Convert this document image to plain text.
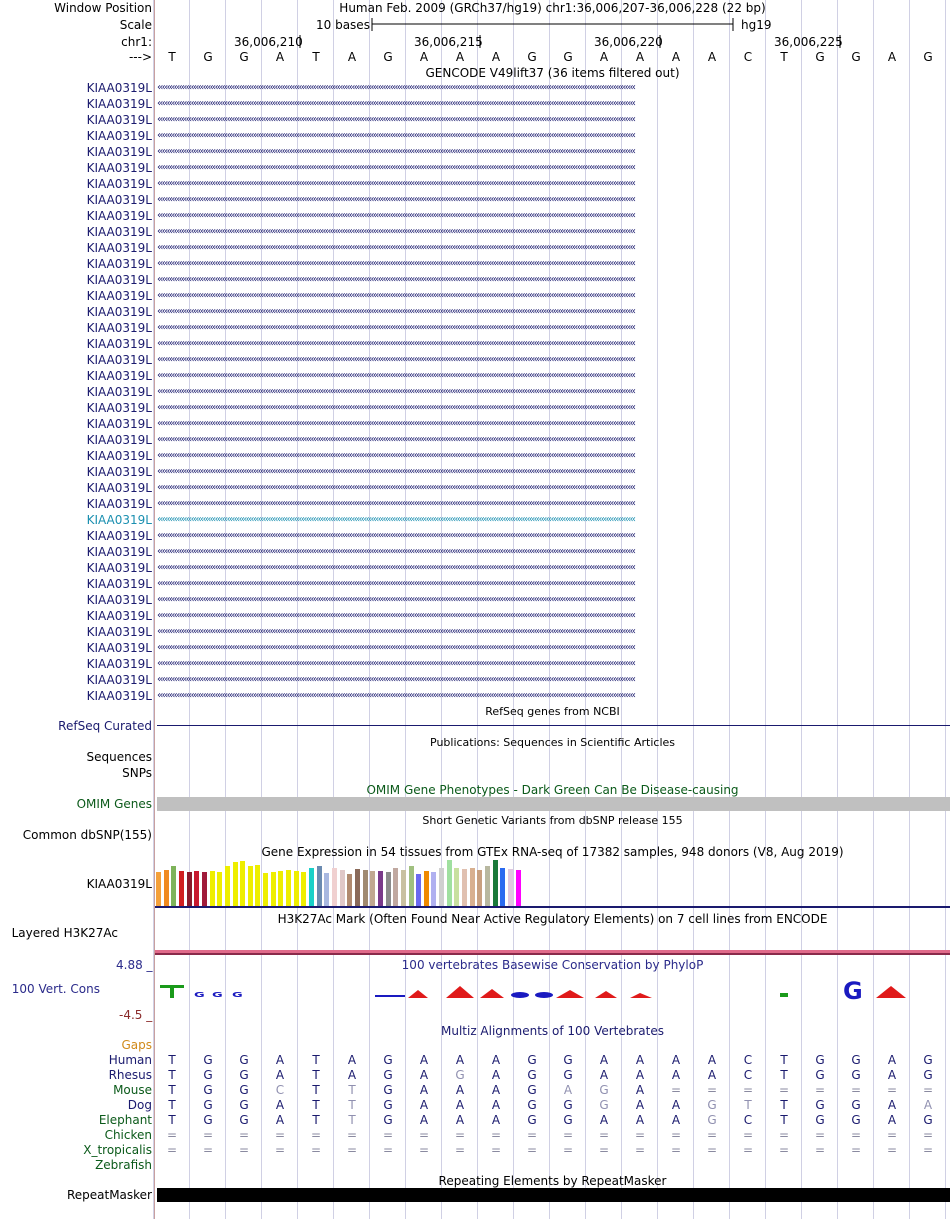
Window Position	Human Feb. 2009 (GRCh37/hg19) chr1:36,006,207-36,006,228 (22 bp)
Scale	10 bases	hg19
chr1:	36,006,210	36,006,215	36,006,220	36,006,225
--->	T	G	G	A	T	A	G	A	A	A	G	G	A	A	A	A	C	T	G	G	A	G
GENCODE V49lift37 (36 items filtered out)
KIAA0319L ‹‹‹‹‹‹‹‹‹‹‹‹‹‹‹‹‹‹‹‹‹‹‹‹‹‹‹‹‹‹‹‹‹‹‹‹‹‹‹‹‹‹‹‹‹‹‹‹‹‹‹‹‹‹‹‹‹‹‹‹‹‹‹‹‹‹‹‹‹‹‹‹‹‹‹‹‹‹‹‹‹‹‹‹‹‹‹‹‹‹‹‹‹‹‹‹‹‹‹‹‹‹‹‹‹‹‹‹‹‹‹‹‹‹‹‹‹‹‹‹‹‹‹‹‹‹‹‹‹‹‹‹‹‹‹‹‹‹‹‹‹‹‹‹‹‹‹‹‹‹‹‹‹‹‹‹‹‹‹‹‹‹‹‹‹‹‹‹‹‹‹‹‹‹‹‹‹‹‹‹‹‹‹‹‹‹‹‹‹‹‹‹‹‹‹‹‹‹‹
KIAA0319L ‹‹‹‹‹‹‹‹‹‹‹‹‹‹‹‹‹‹‹‹‹‹‹‹‹‹‹‹‹‹‹‹‹‹‹‹‹‹‹‹‹‹‹‹‹‹‹‹‹‹‹‹‹‹‹‹‹‹‹‹‹‹‹‹‹‹‹‹‹‹‹‹‹‹‹‹‹‹‹‹‹‹‹‹‹‹‹‹‹‹‹‹‹‹‹‹‹‹‹‹‹‹‹‹‹‹‹‹‹‹‹‹‹‹‹‹‹‹‹‹‹‹‹‹‹‹‹‹‹‹‹‹‹‹‹‹‹‹‹‹‹‹‹‹‹‹‹‹‹‹‹‹‹‹‹‹‹‹‹‹‹‹‹‹‹‹‹‹‹‹‹‹‹‹‹‹‹‹‹‹‹‹‹‹‹‹‹‹‹‹‹‹‹‹‹‹‹‹‹
KIAA0319L ‹‹‹‹‹‹‹‹‹‹‹‹‹‹‹‹‹‹‹‹‹‹‹‹‹‹‹‹‹‹‹‹‹‹‹‹‹‹‹‹‹‹‹‹‹‹‹‹‹‹‹‹‹‹‹‹‹‹‹‹‹‹‹‹‹‹‹‹‹‹‹‹‹‹‹‹‹‹‹‹‹‹‹‹‹‹‹‹‹‹‹‹‹‹‹‹‹‹‹‹‹‹‹‹‹‹‹‹‹‹‹‹‹‹‹‹‹‹‹‹‹‹‹‹‹‹‹‹‹‹‹‹‹‹‹‹‹‹‹‹‹‹‹‹‹‹‹‹‹‹‹‹‹‹‹‹‹‹‹‹‹‹‹‹‹‹‹‹‹‹‹‹‹‹‹‹‹‹‹‹‹‹‹‹‹‹‹‹‹‹‹‹‹‹‹‹‹‹‹
KIAA0319L ‹‹‹‹‹‹‹‹‹‹‹‹‹‹‹‹‹‹‹‹‹‹‹‹‹‹‹‹‹‹‹‹‹‹‹‹‹‹‹‹‹‹‹‹‹‹‹‹‹‹‹‹‹‹‹‹‹‹‹‹‹‹‹‹‹‹‹‹‹‹‹‹‹‹‹‹‹‹‹‹‹‹‹‹‹‹‹‹‹‹‹‹‹‹‹‹‹‹‹‹‹‹‹‹‹‹‹‹‹‹‹‹‹‹‹‹‹‹‹‹‹‹‹‹‹‹‹‹‹‹‹‹‹‹‹‹‹‹‹‹‹‹‹‹‹‹‹‹‹‹‹‹‹‹‹‹‹‹‹‹‹‹‹‹‹‹‹‹‹‹‹‹‹‹‹‹‹‹‹‹‹‹‹‹‹‹‹‹‹‹‹‹‹‹‹‹‹‹‹
KIAA0319L ‹‹‹‹‹‹‹‹‹‹‹‹‹‹‹‹‹‹‹‹‹‹‹‹‹‹‹‹‹‹‹‹‹‹‹‹‹‹‹‹‹‹‹‹‹‹‹‹‹‹‹‹‹‹‹‹‹‹‹‹‹‹‹‹‹‹‹‹‹‹‹‹‹‹‹‹‹‹‹‹‹‹‹‹‹‹‹‹‹‹‹‹‹‹‹‹‹‹‹‹‹‹‹‹‹‹‹‹‹‹‹‹‹‹‹‹‹‹‹‹‹‹‹‹‹‹‹‹‹‹‹‹‹‹‹‹‹‹‹‹‹‹‹‹‹‹‹‹‹‹‹‹‹‹‹‹‹‹‹‹‹‹‹‹‹‹‹‹‹‹‹‹‹‹‹‹‹‹‹‹‹‹‹‹‹‹‹‹‹‹‹‹‹‹‹‹‹‹‹
KIAA0319L ‹‹‹‹‹‹‹‹‹‹‹‹‹‹‹‹‹‹‹‹‹‹‹‹‹‹‹‹‹‹‹‹‹‹‹‹‹‹‹‹‹‹‹‹‹‹‹‹‹‹‹‹‹‹‹‹‹‹‹‹‹‹‹‹‹‹‹‹‹‹‹‹‹‹‹‹‹‹‹‹‹‹‹‹‹‹‹‹‹‹‹‹‹‹‹‹‹‹‹‹‹‹‹‹‹‹‹‹‹‹‹‹‹‹‹‹‹‹‹‹‹‹‹‹‹‹‹‹‹‹‹‹‹‹‹‹‹‹‹‹‹‹‹‹‹‹‹‹‹‹‹‹‹‹‹‹‹‹‹‹‹‹‹‹‹‹‹‹‹‹‹‹‹‹‹‹‹‹‹‹‹‹‹‹‹‹‹‹‹‹‹‹‹‹‹‹‹‹‹
KIAA0319L ‹‹‹‹‹‹‹‹‹‹‹‹‹‹‹‹‹‹‹‹‹‹‹‹‹‹‹‹‹‹‹‹‹‹‹‹‹‹‹‹‹‹‹‹‹‹‹‹‹‹‹‹‹‹‹‹‹‹‹‹‹‹‹‹‹‹‹‹‹‹‹‹‹‹‹‹‹‹‹‹‹‹‹‹‹‹‹‹‹‹‹‹‹‹‹‹‹‹‹‹‹‹‹‹‹‹‹‹‹‹‹‹‹‹‹‹‹‹‹‹‹‹‹‹‹‹‹‹‹‹‹‹‹‹‹‹‹‹‹‹‹‹‹‹‹‹‹‹‹‹‹‹‹‹‹‹‹‹‹‹‹‹‹‹‹‹‹‹‹‹‹‹‹‹‹‹‹‹‹‹‹‹‹‹‹‹‹‹‹‹‹‹‹‹‹‹‹‹‹
KIAA0319L ‹‹‹‹‹‹‹‹‹‹‹‹‹‹‹‹‹‹‹‹‹‹‹‹‹‹‹‹‹‹‹‹‹‹‹‹‹‹‹‹‹‹‹‹‹‹‹‹‹‹‹‹‹‹‹‹‹‹‹‹‹‹‹‹‹‹‹‹‹‹‹‹‹‹‹‹‹‹‹‹‹‹‹‹‹‹‹‹‹‹‹‹‹‹‹‹‹‹‹‹‹‹‹‹‹‹‹‹‹‹‹‹‹‹‹‹‹‹‹‹‹‹‹‹‹‹‹‹‹‹‹‹‹‹‹‹‹‹‹‹‹‹‹‹‹‹‹‹‹‹‹‹‹‹‹‹‹‹‹‹‹‹‹‹‹‹‹‹‹‹‹‹‹‹‹‹‹‹‹‹‹‹‹‹‹‹‹‹‹‹‹‹‹‹‹‹‹‹‹
KIAA0319L ‹‹‹‹‹‹‹‹‹‹‹‹‹‹‹‹‹‹‹‹‹‹‹‹‹‹‹‹‹‹‹‹‹‹‹‹‹‹‹‹‹‹‹‹‹‹‹‹‹‹‹‹‹‹‹‹‹‹‹‹‹‹‹‹‹‹‹‹‹‹‹‹‹‹‹‹‹‹‹‹‹‹‹‹‹‹‹‹‹‹‹‹‹‹‹‹‹‹‹‹‹‹‹‹‹‹‹‹‹‹‹‹‹‹‹‹‹‹‹‹‹‹‹‹‹‹‹‹‹‹‹‹‹‹‹‹‹‹‹‹‹‹‹‹‹‹‹‹‹‹‹‹‹‹‹‹‹‹‹‹‹‹‹‹‹‹‹‹‹‹‹‹‹‹‹‹‹‹‹‹‹‹‹‹‹‹‹‹‹‹‹‹‹‹‹‹‹‹‹
KIAA0319L ‹‹‹‹‹‹‹‹‹‹‹‹‹‹‹‹‹‹‹‹‹‹‹‹‹‹‹‹‹‹‹‹‹‹‹‹‹‹‹‹‹‹‹‹‹‹‹‹‹‹‹‹‹‹‹‹‹‹‹‹‹‹‹‹‹‹‹‹‹‹‹‹‹‹‹‹‹‹‹‹‹‹‹‹‹‹‹‹‹‹‹‹‹‹‹‹‹‹‹‹‹‹‹‹‹‹‹‹‹‹‹‹‹‹‹‹‹‹‹‹‹‹‹‹‹‹‹‹‹‹‹‹‹‹‹‹‹‹‹‹‹‹‹‹‹‹‹‹‹‹‹‹‹‹‹‹‹‹‹‹‹‹‹‹‹‹‹‹‹‹‹‹‹‹‹‹‹‹‹‹‹‹‹‹‹‹‹‹‹‹‹‹‹‹‹‹‹‹‹
KIAA0319L ‹‹‹‹‹‹‹‹‹‹‹‹‹‹‹‹‹‹‹‹‹‹‹‹‹‹‹‹‹‹‹‹‹‹‹‹‹‹‹‹‹‹‹‹‹‹‹‹‹‹‹‹‹‹‹‹‹‹‹‹‹‹‹‹‹‹‹‹‹‹‹‹‹‹‹‹‹‹‹‹‹‹‹‹‹‹‹‹‹‹‹‹‹‹‹‹‹‹‹‹‹‹‹‹‹‹‹‹‹‹‹‹‹‹‹‹‹‹‹‹‹‹‹‹‹‹‹‹‹‹‹‹‹‹‹‹‹‹‹‹‹‹‹‹‹‹‹‹‹‹‹‹‹‹‹‹‹‹‹‹‹‹‹‹‹‹‹‹‹‹‹‹‹‹‹‹‹‹‹‹‹‹‹‹‹‹‹‹‹‹‹‹‹‹‹‹‹‹‹
KIAA0319L ‹‹‹‹‹‹‹‹‹‹‹‹‹‹‹‹‹‹‹‹‹‹‹‹‹‹‹‹‹‹‹‹‹‹‹‹‹‹‹‹‹‹‹‹‹‹‹‹‹‹‹‹‹‹‹‹‹‹‹‹‹‹‹‹‹‹‹‹‹‹‹‹‹‹‹‹‹‹‹‹‹‹‹‹‹‹‹‹‹‹‹‹‹‹‹‹‹‹‹‹‹‹‹‹‹‹‹‹‹‹‹‹‹‹‹‹‹‹‹‹‹‹‹‹‹‹‹‹‹‹‹‹‹‹‹‹‹‹‹‹‹‹‹‹‹‹‹‹‹‹‹‹‹‹‹‹‹‹‹‹‹‹‹‹‹‹‹‹‹‹‹‹‹‹‹‹‹‹‹‹‹‹‹‹‹‹‹‹‹‹‹‹‹‹‹‹‹‹‹
KIAA0319L ‹‹‹‹‹‹‹‹‹‹‹‹‹‹‹‹‹‹‹‹‹‹‹‹‹‹‹‹‹‹‹‹‹‹‹‹‹‹‹‹‹‹‹‹‹‹‹‹‹‹‹‹‹‹‹‹‹‹‹‹‹‹‹‹‹‹‹‹‹‹‹‹‹‹‹‹‹‹‹‹‹‹‹‹‹‹‹‹‹‹‹‹‹‹‹‹‹‹‹‹‹‹‹‹‹‹‹‹‹‹‹‹‹‹‹‹‹‹‹‹‹‹‹‹‹‹‹‹‹‹‹‹‹‹‹‹‹‹‹‹‹‹‹‹‹‹‹‹‹‹‹‹‹‹‹‹‹‹‹‹‹‹‹‹‹‹‹‹‹‹‹‹‹‹‹‹‹‹‹‹‹‹‹‹‹‹‹‹‹‹‹‹‹‹‹‹‹‹‹
KIAA0319L ‹‹‹‹‹‹‹‹‹‹‹‹‹‹‹‹‹‹‹‹‹‹‹‹‹‹‹‹‹‹‹‹‹‹‹‹‹‹‹‹‹‹‹‹‹‹‹‹‹‹‹‹‹‹‹‹‹‹‹‹‹‹‹‹‹‹‹‹‹‹‹‹‹‹‹‹‹‹‹‹‹‹‹‹‹‹‹‹‹‹‹‹‹‹‹‹‹‹‹‹‹‹‹‹‹‹‹‹‹‹‹‹‹‹‹‹‹‹‹‹‹‹‹‹‹‹‹‹‹‹‹‹‹‹‹‹‹‹‹‹‹‹‹‹‹‹‹‹‹‹‹‹‹‹‹‹‹‹‹‹‹‹‹‹‹‹‹‹‹‹‹‹‹‹‹‹‹‹‹‹‹‹‹‹‹‹‹‹‹‹‹‹‹‹‹‹‹‹‹
KIAA0319L ‹‹‹‹‹‹‹‹‹‹‹‹‹‹‹‹‹‹‹‹‹‹‹‹‹‹‹‹‹‹‹‹‹‹‹‹‹‹‹‹‹‹‹‹‹‹‹‹‹‹‹‹‹‹‹‹‹‹‹‹‹‹‹‹‹‹‹‹‹‹‹‹‹‹‹‹‹‹‹‹‹‹‹‹‹‹‹‹‹‹‹‹‹‹‹‹‹‹‹‹‹‹‹‹‹‹‹‹‹‹‹‹‹‹‹‹‹‹‹‹‹‹‹‹‹‹‹‹‹‹‹‹‹‹‹‹‹‹‹‹‹‹‹‹‹‹‹‹‹‹‹‹‹‹‹‹‹‹‹‹‹‹‹‹‹‹‹‹‹‹‹‹‹‹‹‹‹‹‹‹‹‹‹‹‹‹‹‹‹‹‹‹‹‹‹‹‹‹‹
KIAA0319L ‹‹‹‹‹‹‹‹‹‹‹‹‹‹‹‹‹‹‹‹‹‹‹‹‹‹‹‹‹‹‹‹‹‹‹‹‹‹‹‹‹‹‹‹‹‹‹‹‹‹‹‹‹‹‹‹‹‹‹‹‹‹‹‹‹‹‹‹‹‹‹‹‹‹‹‹‹‹‹‹‹‹‹‹‹‹‹‹‹‹‹‹‹‹‹‹‹‹‹‹‹‹‹‹‹‹‹‹‹‹‹‹‹‹‹‹‹‹‹‹‹‹‹‹‹‹‹‹‹‹‹‹‹‹‹‹‹‹‹‹‹‹‹‹‹‹‹‹‹‹‹‹‹‹‹‹‹‹‹‹‹‹‹‹‹‹‹‹‹‹‹‹‹‹‹‹‹‹‹‹‹‹‹‹‹‹‹‹‹‹‹‹‹‹‹‹‹‹‹
KIAA0319L ‹‹‹‹‹‹‹‹‹‹‹‹‹‹‹‹‹‹‹‹‹‹‹‹‹‹‹‹‹‹‹‹‹‹‹‹‹‹‹‹‹‹‹‹‹‹‹‹‹‹‹‹‹‹‹‹‹‹‹‹‹‹‹‹‹‹‹‹‹‹‹‹‹‹‹‹‹‹‹‹‹‹‹‹‹‹‹‹‹‹‹‹‹‹‹‹‹‹‹‹‹‹‹‹‹‹‹‹‹‹‹‹‹‹‹‹‹‹‹‹‹‹‹‹‹‹‹‹‹‹‹‹‹‹‹‹‹‹‹‹‹‹‹‹‹‹‹‹‹‹‹‹‹‹‹‹‹‹‹‹‹‹‹‹‹‹‹‹‹‹‹‹‹‹‹‹‹‹‹‹‹‹‹‹‹‹‹‹‹‹‹‹‹‹‹‹‹‹‹
KIAA0319L ‹‹‹‹‹‹‹‹‹‹‹‹‹‹‹‹‹‹‹‹‹‹‹‹‹‹‹‹‹‹‹‹‹‹‹‹‹‹‹‹‹‹‹‹‹‹‹‹‹‹‹‹‹‹‹‹‹‹‹‹‹‹‹‹‹‹‹‹‹‹‹‹‹‹‹‹‹‹‹‹‹‹‹‹‹‹‹‹‹‹‹‹‹‹‹‹‹‹‹‹‹‹‹‹‹‹‹‹‹‹‹‹‹‹‹‹‹‹‹‹‹‹‹‹‹‹‹‹‹‹‹‹‹‹‹‹‹‹‹‹‹‹‹‹‹‹‹‹‹‹‹‹‹‹‹‹‹‹‹‹‹‹‹‹‹‹‹‹‹‹‹‹‹‹‹‹‹‹‹‹‹‹‹‹‹‹‹‹‹‹‹‹‹‹‹‹‹‹‹
KIAA0319L ‹‹‹‹‹‹‹‹‹‹‹‹‹‹‹‹‹‹‹‹‹‹‹‹‹‹‹‹‹‹‹‹‹‹‹‹‹‹‹‹‹‹‹‹‹‹‹‹‹‹‹‹‹‹‹‹‹‹‹‹‹‹‹‹‹‹‹‹‹‹‹‹‹‹‹‹‹‹‹‹‹‹‹‹‹‹‹‹‹‹‹‹‹‹‹‹‹‹‹‹‹‹‹‹‹‹‹‹‹‹‹‹‹‹‹‹‹‹‹‹‹‹‹‹‹‹‹‹‹‹‹‹‹‹‹‹‹‹‹‹‹‹‹‹‹‹‹‹‹‹‹‹‹‹‹‹‹‹‹‹‹‹‹‹‹‹‹‹‹‹‹‹‹‹‹‹‹‹‹‹‹‹‹‹‹‹‹‹‹‹‹‹‹‹‹‹‹‹‹
KIAA0319L ‹‹‹‹‹‹‹‹‹‹‹‹‹‹‹‹‹‹‹‹‹‹‹‹‹‹‹‹‹‹‹‹‹‹‹‹‹‹‹‹‹‹‹‹‹‹‹‹‹‹‹‹‹‹‹‹‹‹‹‹‹‹‹‹‹‹‹‹‹‹‹‹‹‹‹‹‹‹‹‹‹‹‹‹‹‹‹‹‹‹‹‹‹‹‹‹‹‹‹‹‹‹‹‹‹‹‹‹‹‹‹‹‹‹‹‹‹‹‹‹‹‹‹‹‹‹‹‹‹‹‹‹‹‹‹‹‹‹‹‹‹‹‹‹‹‹‹‹‹‹‹‹‹‹‹‹‹‹‹‹‹‹‹‹‹‹‹‹‹‹‹‹‹‹‹‹‹‹‹‹‹‹‹‹‹‹‹‹‹‹‹‹‹‹‹‹‹‹‹
KIAA0319L ‹‹‹‹‹‹‹‹‹‹‹‹‹‹‹‹‹‹‹‹‹‹‹‹‹‹‹‹‹‹‹‹‹‹‹‹‹‹‹‹‹‹‹‹‹‹‹‹‹‹‹‹‹‹‹‹‹‹‹‹‹‹‹‹‹‹‹‹‹‹‹‹‹‹‹‹‹‹‹‹‹‹‹‹‹‹‹‹‹‹‹‹‹‹‹‹‹‹‹‹‹‹‹‹‹‹‹‹‹‹‹‹‹‹‹‹‹‹‹‹‹‹‹‹‹‹‹‹‹‹‹‹‹‹‹‹‹‹‹‹‹‹‹‹‹‹‹‹‹‹‹‹‹‹‹‹‹‹‹‹‹‹‹‹‹‹‹‹‹‹‹‹‹‹‹‹‹‹‹‹‹‹‹‹‹‹‹‹‹‹‹‹‹‹‹‹‹‹‹
KIAA0319L ‹‹‹‹‹‹‹‹‹‹‹‹‹‹‹‹‹‹‹‹‹‹‹‹‹‹‹‹‹‹‹‹‹‹‹‹‹‹‹‹‹‹‹‹‹‹‹‹‹‹‹‹‹‹‹‹‹‹‹‹‹‹‹‹‹‹‹‹‹‹‹‹‹‹‹‹‹‹‹‹‹‹‹‹‹‹‹‹‹‹‹‹‹‹‹‹‹‹‹‹‹‹‹‹‹‹‹‹‹‹‹‹‹‹‹‹‹‹‹‹‹‹‹‹‹‹‹‹‹‹‹‹‹‹‹‹‹‹‹‹‹‹‹‹‹‹‹‹‹‹‹‹‹‹‹‹‹‹‹‹‹‹‹‹‹‹‹‹‹‹‹‹‹‹‹‹‹‹‹‹‹‹‹‹‹‹‹‹‹‹‹‹‹‹‹‹‹‹‹
KIAA0319L ‹‹‹‹‹‹‹‹‹‹‹‹‹‹‹‹‹‹‹‹‹‹‹‹‹‹‹‹‹‹‹‹‹‹‹‹‹‹‹‹‹‹‹‹‹‹‹‹‹‹‹‹‹‹‹‹‹‹‹‹‹‹‹‹‹‹‹‹‹‹‹‹‹‹‹‹‹‹‹‹‹‹‹‹‹‹‹‹‹‹‹‹‹‹‹‹‹‹‹‹‹‹‹‹‹‹‹‹‹‹‹‹‹‹‹‹‹‹‹‹‹‹‹‹‹‹‹‹‹‹‹‹‹‹‹‹‹‹‹‹‹‹‹‹‹‹‹‹‹‹‹‹‹‹‹‹‹‹‹‹‹‹‹‹‹‹‹‹‹‹‹‹‹‹‹‹‹‹‹‹‹‹‹‹‹‹‹‹‹‹‹‹‹‹‹‹‹‹‹
KIAA0319L ‹‹‹‹‹‹‹‹‹‹‹‹‹‹‹‹‹‹‹‹‹‹‹‹‹‹‹‹‹‹‹‹‹‹‹‹‹‹‹‹‹‹‹‹‹‹‹‹‹‹‹‹‹‹‹‹‹‹‹‹‹‹‹‹‹‹‹‹‹‹‹‹‹‹‹‹‹‹‹‹‹‹‹‹‹‹‹‹‹‹‹‹‹‹‹‹‹‹‹‹‹‹‹‹‹‹‹‹‹‹‹‹‹‹‹‹‹‹‹‹‹‹‹‹‹‹‹‹‹‹‹‹‹‹‹‹‹‹‹‹‹‹‹‹‹‹‹‹‹‹‹‹‹‹‹‹‹‹‹‹‹‹‹‹‹‹‹‹‹‹‹‹‹‹‹‹‹‹‹‹‹‹‹‹‹‹‹‹‹‹‹‹‹‹‹‹‹‹‹
KIAA0319L ‹‹‹‹‹‹‹‹‹‹‹‹‹‹‹‹‹‹‹‹‹‹‹‹‹‹‹‹‹‹‹‹‹‹‹‹‹‹‹‹‹‹‹‹‹‹‹‹‹‹‹‹‹‹‹‹‹‹‹‹‹‹‹‹‹‹‹‹‹‹‹‹‹‹‹‹‹‹‹‹‹‹‹‹‹‹‹‹‹‹‹‹‹‹‹‹‹‹‹‹‹‹‹‹‹‹‹‹‹‹‹‹‹‹‹‹‹‹‹‹‹‹‹‹‹‹‹‹‹‹‹‹‹‹‹‹‹‹‹‹‹‹‹‹‹‹‹‹‹‹‹‹‹‹‹‹‹‹‹‹‹‹‹‹‹‹‹‹‹‹‹‹‹‹‹‹‹‹‹‹‹‹‹‹‹‹‹‹‹‹‹‹‹‹‹‹‹‹‹
KIAA0319L ‹‹‹‹‹‹‹‹‹‹‹‹‹‹‹‹‹‹‹‹‹‹‹‹‹‹‹‹‹‹‹‹‹‹‹‹‹‹‹‹‹‹‹‹‹‹‹‹‹‹‹‹‹‹‹‹‹‹‹‹‹‹‹‹‹‹‹‹‹‹‹‹‹‹‹‹‹‹‹‹‹‹‹‹‹‹‹‹‹‹‹‹‹‹‹‹‹‹‹‹‹‹‹‹‹‹‹‹‹‹‹‹‹‹‹‹‹‹‹‹‹‹‹‹‹‹‹‹‹‹‹‹‹‹‹‹‹‹‹‹‹‹‹‹‹‹‹‹‹‹‹‹‹‹‹‹‹‹‹‹‹‹‹‹‹‹‹‹‹‹‹‹‹‹‹‹‹‹‹‹‹‹‹‹‹‹‹‹‹‹‹‹‹‹‹‹‹‹‹
KIAA0319L ‹‹‹‹‹‹‹‹‹‹‹‹‹‹‹‹‹‹‹‹‹‹‹‹‹‹‹‹‹‹‹‹‹‹‹‹‹‹‹‹‹‹‹‹‹‹‹‹‹‹‹‹‹‹‹‹‹‹‹‹‹‹‹‹‹‹‹‹‹‹‹‹‹‹‹‹‹‹‹‹‹‹‹‹‹‹‹‹‹‹‹‹‹‹‹‹‹‹‹‹‹‹‹‹‹‹‹‹‹‹‹‹‹‹‹‹‹‹‹‹‹‹‹‹‹‹‹‹‹‹‹‹‹‹‹‹‹‹‹‹‹‹‹‹‹‹‹‹‹‹‹‹‹‹‹‹‹‹‹‹‹‹‹‹‹‹‹‹‹‹‹‹‹‹‹‹‹‹‹‹‹‹‹‹‹‹‹‹‹‹‹‹‹‹‹‹‹‹‹
KIAA0319L ‹‹‹‹‹‹‹‹‹‹‹‹‹‹‹‹‹‹‹‹‹‹‹‹‹‹‹‹‹‹‹‹‹‹‹‹‹‹‹‹‹‹‹‹‹‹‹‹‹‹‹‹‹‹‹‹‹‹‹‹‹‹‹‹‹‹‹‹‹‹‹‹‹‹‹‹‹‹‹‹‹‹‹‹‹‹‹‹‹‹‹‹‹‹‹‹‹‹‹‹‹‹‹‹‹‹‹‹‹‹‹‹‹‹‹‹‹‹‹‹‹‹‹‹‹‹‹‹‹‹‹‹‹‹‹‹‹‹‹‹‹‹‹‹‹‹‹‹‹‹‹‹‹‹‹‹‹‹‹‹‹‹‹‹‹‹‹‹‹‹‹‹‹‹‹‹‹‹‹‹‹‹‹‹‹‹‹‹‹‹‹‹‹‹‹‹‹‹‹
KIAA0319L ‹‹‹‹‹‹‹‹‹‹‹‹‹‹‹‹‹‹‹‹‹‹‹‹‹‹‹‹‹‹‹‹‹‹‹‹‹‹‹‹‹‹‹‹‹‹‹‹‹‹‹‹‹‹‹‹‹‹‹‹‹‹‹‹‹‹‹‹‹‹‹‹‹‹‹‹‹‹‹‹‹‹‹‹‹‹‹‹‹‹‹‹‹‹‹‹‹‹‹‹‹‹‹‹‹‹‹‹‹‹‹‹‹‹‹‹‹‹‹‹‹‹‹‹‹‹‹‹‹‹‹‹‹‹‹‹‹‹‹‹‹‹‹‹‹‹‹‹‹‹‹‹‹‹‹‹‹‹‹‹‹‹‹‹‹‹‹‹‹‹‹‹‹‹‹‹‹‹‹‹‹‹‹‹‹‹‹‹‹‹‹‹‹‹‹‹‹‹‹
KIAA0319L ‹‹‹‹‹‹‹‹‹‹‹‹‹‹‹‹‹‹‹‹‹‹‹‹‹‹‹‹‹‹‹‹‹‹‹‹‹‹‹‹‹‹‹‹‹‹‹‹‹‹‹‹‹‹‹‹‹‹‹‹‹‹‹‹‹‹‹‹‹‹‹‹‹‹‹‹‹‹‹‹‹‹‹‹‹‹‹‹‹‹‹‹‹‹‹‹‹‹‹‹‹‹‹‹‹‹‹‹‹‹‹‹‹‹‹‹‹‹‹‹‹‹‹‹‹‹‹‹‹‹‹‹‹‹‹‹‹‹‹‹‹‹‹‹‹‹‹‹‹‹‹‹‹‹‹‹‹‹‹‹‹‹‹‹‹‹‹‹‹‹‹‹‹‹‹‹‹‹‹‹‹‹‹‹‹‹‹‹‹‹‹‹‹‹‹‹‹‹‹
KIAA0319L ‹‹‹‹‹‹‹‹‹‹‹‹‹‹‹‹‹‹‹‹‹‹‹‹‹‹‹‹‹‹‹‹‹‹‹‹‹‹‹‹‹‹‹‹‹‹‹‹‹‹‹‹‹‹‹‹‹‹‹‹‹‹‹‹‹‹‹‹‹‹‹‹‹‹‹‹‹‹‹‹‹‹‹‹‹‹‹‹‹‹‹‹‹‹‹‹‹‹‹‹‹‹‹‹‹‹‹‹‹‹‹‹‹‹‹‹‹‹‹‹‹‹‹‹‹‹‹‹‹‹‹‹‹‹‹‹‹‹‹‹‹‹‹‹‹‹‹‹‹‹‹‹‹‹‹‹‹‹‹‹‹‹‹‹‹‹‹‹‹‹‹‹‹‹‹‹‹‹‹‹‹‹‹‹‹‹‹‹‹‹‹‹‹‹‹‹‹‹‹
KIAA0319L ‹‹‹‹‹‹‹‹‹‹‹‹‹‹‹‹‹‹‹‹‹‹‹‹‹‹‹‹‹‹‹‹‹‹‹‹‹‹‹‹‹‹‹‹‹‹‹‹‹‹‹‹‹‹‹‹‹‹‹‹‹‹‹‹‹‹‹‹‹‹‹‹‹‹‹‹‹‹‹‹‹‹‹‹‹‹‹‹‹‹‹‹‹‹‹‹‹‹‹‹‹‹‹‹‹‹‹‹‹‹‹‹‹‹‹‹‹‹‹‹‹‹‹‹‹‹‹‹‹‹‹‹‹‹‹‹‹‹‹‹‹‹‹‹‹‹‹‹‹‹‹‹‹‹‹‹‹‹‹‹‹‹‹‹‹‹‹‹‹‹‹‹‹‹‹‹‹‹‹‹‹‹‹‹‹‹‹‹‹‹‹‹‹‹‹‹‹‹‹
KIAA0319L ‹‹‹‹‹‹‹‹‹‹‹‹‹‹‹‹‹‹‹‹‹‹‹‹‹‹‹‹‹‹‹‹‹‹‹‹‹‹‹‹‹‹‹‹‹‹‹‹‹‹‹‹‹‹‹‹‹‹‹‹‹‹‹‹‹‹‹‹‹‹‹‹‹‹‹‹‹‹‹‹‹‹‹‹‹‹‹‹‹‹‹‹‹‹‹‹‹‹‹‹‹‹‹‹‹‹‹‹‹‹‹‹‹‹‹‹‹‹‹‹‹‹‹‹‹‹‹‹‹‹‹‹‹‹‹‹‹‹‹‹‹‹‹‹‹‹‹‹‹‹‹‹‹‹‹‹‹‹‹‹‹‹‹‹‹‹‹‹‹‹‹‹‹‹‹‹‹‹‹‹‹‹‹‹‹‹‹‹‹‹‹‹‹‹‹‹‹‹‹
KIAA0319L ‹‹‹‹‹‹‹‹‹‹‹‹‹‹‹‹‹‹‹‹‹‹‹‹‹‹‹‹‹‹‹‹‹‹‹‹‹‹‹‹‹‹‹‹‹‹‹‹‹‹‹‹‹‹‹‹‹‹‹‹‹‹‹‹‹‹‹‹‹‹‹‹‹‹‹‹‹‹‹‹‹‹‹‹‹‹‹‹‹‹‹‹‹‹‹‹‹‹‹‹‹‹‹‹‹‹‹‹‹‹‹‹‹‹‹‹‹‹‹‹‹‹‹‹‹‹‹‹‹‹‹‹‹‹‹‹‹‹‹‹‹‹‹‹‹‹‹‹‹‹‹‹‹‹‹‹‹‹‹‹‹‹‹‹‹‹‹‹‹‹‹‹‹‹‹‹‹‹‹‹‹‹‹‹‹‹‹‹‹‹‹‹‹‹‹‹‹‹‹
KIAA0319L ‹‹‹‹‹‹‹‹‹‹‹‹‹‹‹‹‹‹‹‹‹‹‹‹‹‹‹‹‹‹‹‹‹‹‹‹‹‹‹‹‹‹‹‹‹‹‹‹‹‹‹‹‹‹‹‹‹‹‹‹‹‹‹‹‹‹‹‹‹‹‹‹‹‹‹‹‹‹‹‹‹‹‹‹‹‹‹‹‹‹‹‹‹‹‹‹‹‹‹‹‹‹‹‹‹‹‹‹‹‹‹‹‹‹‹‹‹‹‹‹‹‹‹‹‹‹‹‹‹‹‹‹‹‹‹‹‹‹‹‹‹‹‹‹‹‹‹‹‹‹‹‹‹‹‹‹‹‹‹‹‹‹‹‹‹‹‹‹‹‹‹‹‹‹‹‹‹‹‹‹‹‹‹‹‹‹‹‹‹‹‹‹‹‹‹‹‹‹‹
KIAA0319L ‹‹‹‹‹‹‹‹‹‹‹‹‹‹‹‹‹‹‹‹‹‹‹‹‹‹‹‹‹‹‹‹‹‹‹‹‹‹‹‹‹‹‹‹‹‹‹‹‹‹‹‹‹‹‹‹‹‹‹‹‹‹‹‹‹‹‹‹‹‹‹‹‹‹‹‹‹‹‹‹‹‹‹‹‹‹‹‹‹‹‹‹‹‹‹‹‹‹‹‹‹‹‹‹‹‹‹‹‹‹‹‹‹‹‹‹‹‹‹‹‹‹‹‹‹‹‹‹‹‹‹‹‹‹‹‹‹‹‹‹‹‹‹‹‹‹‹‹‹‹‹‹‹‹‹‹‹‹‹‹‹‹‹‹‹‹‹‹‹‹‹‹‹‹‹‹‹‹‹‹‹‹‹‹‹‹‹‹‹‹‹‹‹‹‹‹‹‹‹
KIAA0319L ‹‹‹‹‹‹‹‹‹‹‹‹‹‹‹‹‹‹‹‹‹‹‹‹‹‹‹‹‹‹‹‹‹‹‹‹‹‹‹‹‹‹‹‹‹‹‹‹‹‹‹‹‹‹‹‹‹‹‹‹‹‹‹‹‹‹‹‹‹‹‹‹‹‹‹‹‹‹‹‹‹‹‹‹‹‹‹‹‹‹‹‹‹‹‹‹‹‹‹‹‹‹‹‹‹‹‹‹‹‹‹‹‹‹‹‹‹‹‹‹‹‹‹‹‹‹‹‹‹‹‹‹‹‹‹‹‹‹‹‹‹‹‹‹‹‹‹‹‹‹‹‹‹‹‹‹‹‹‹‹‹‹‹‹‹‹‹‹‹‹‹‹‹‹‹‹‹‹‹‹‹‹‹‹‹‹‹‹‹‹‹‹‹‹‹‹‹‹‹
KIAA0319L ‹‹‹‹‹‹‹‹‹‹‹‹‹‹‹‹‹‹‹‹‹‹‹‹‹‹‹‹‹‹‹‹‹‹‹‹‹‹‹‹‹‹‹‹‹‹‹‹‹‹‹‹‹‹‹‹‹‹‹‹‹‹‹‹‹‹‹‹‹‹‹‹‹‹‹‹‹‹‹‹‹‹‹‹‹‹‹‹‹‹‹‹‹‹‹‹‹‹‹‹‹‹‹‹‹‹‹‹‹‹‹‹‹‹‹‹‹‹‹‹‹‹‹‹‹‹‹‹‹‹‹‹‹‹‹‹‹‹‹‹‹‹‹‹‹‹‹‹‹‹‹‹‹‹‹‹‹‹‹‹‹‹‹‹‹‹‹‹‹‹‹‹‹‹‹‹‹‹‹‹‹‹‹‹‹‹‹‹‹‹‹‹‹‹‹‹‹‹‹
KIAA0319L ‹‹‹‹‹‹‹‹‹‹‹‹‹‹‹‹‹‹‹‹‹‹‹‹‹‹‹‹‹‹‹‹‹‹‹‹‹‹‹‹‹‹‹‹‹‹‹‹‹‹‹‹‹‹‹‹‹‹‹‹‹‹‹‹‹‹‹‹‹‹‹‹‹‹‹‹‹‹‹‹‹‹‹‹‹‹‹‹‹‹‹‹‹‹‹‹‹‹‹‹‹‹‹‹‹‹‹‹‹‹‹‹‹‹‹‹‹‹‹‹‹‹‹‹‹‹‹‹‹‹‹‹‹‹‹‹‹‹‹‹‹‹‹‹‹‹‹‹‹‹‹‹‹‹‹‹‹‹‹‹‹‹‹‹‹‹‹‹‹‹‹‹‹‹‹‹‹‹‹‹‹‹‹‹‹‹‹‹‹‹‹‹‹‹‹‹‹‹‹
RefSeq genes from NCBI
RefSeq Curated
Publications: Sequences in Scientific Articles
Sequences
SNPs
OMIM Gene Phenotypes - Dark Green Can Be Disease-causing
OMIM Genes
Short Genetic Variants from dbSNP release 155
Common dbSNP(155)
Gene Expression in 54 tissues from GTEx RNA-seq of 17382 samples, 948 donors (V8, Aug 2019)
KIAA0319L
H3K27Ac Mark (Often Found Near Active Regulatory Elements) on 7 cell lines from ENCODE
Layered H3K27Ac
4.88 _	100 vertebrates Basewise Conservation by PhyloP
100 Vert. Cons
-4.5 _
G G G	G
Multiz Alignments of 100 Vertebrates
Gaps
Human	T	G	G	A	T	A	G	A	A	A	G	G	A	A	A	A	C	T	G	G	A	G
Rhesus	T	G	G	A	T	A	G	A	G	A	G	G	A	A	A	A	C	T	G	G	A	G
Mouse	T	G	G	C	T	T	G	A	A	A	G	A	G	A	=	=	=	=	=	=	=	=
Dog	T	G	G	A	T	T	G	A	A	A	G	G	G	A	A	G	T	T	G	G	A	A
Elephant	T	G	G	A	T	T	G	A	A	A	G	G	A	A	A	G	C	T	G	G	A	G
Chicken	=	=	=	=	=	=	=	=	=	=	=	=	=	=	=	=	=	=	=	=	=	=
X_tropicalis	=	=	=	=	=	=	=	=	=	=	=	=	=	=	=	=	=	=	=	=	=	=
Zebrafish
Repeating Elements by RepeatMasker
RepeatMasker
